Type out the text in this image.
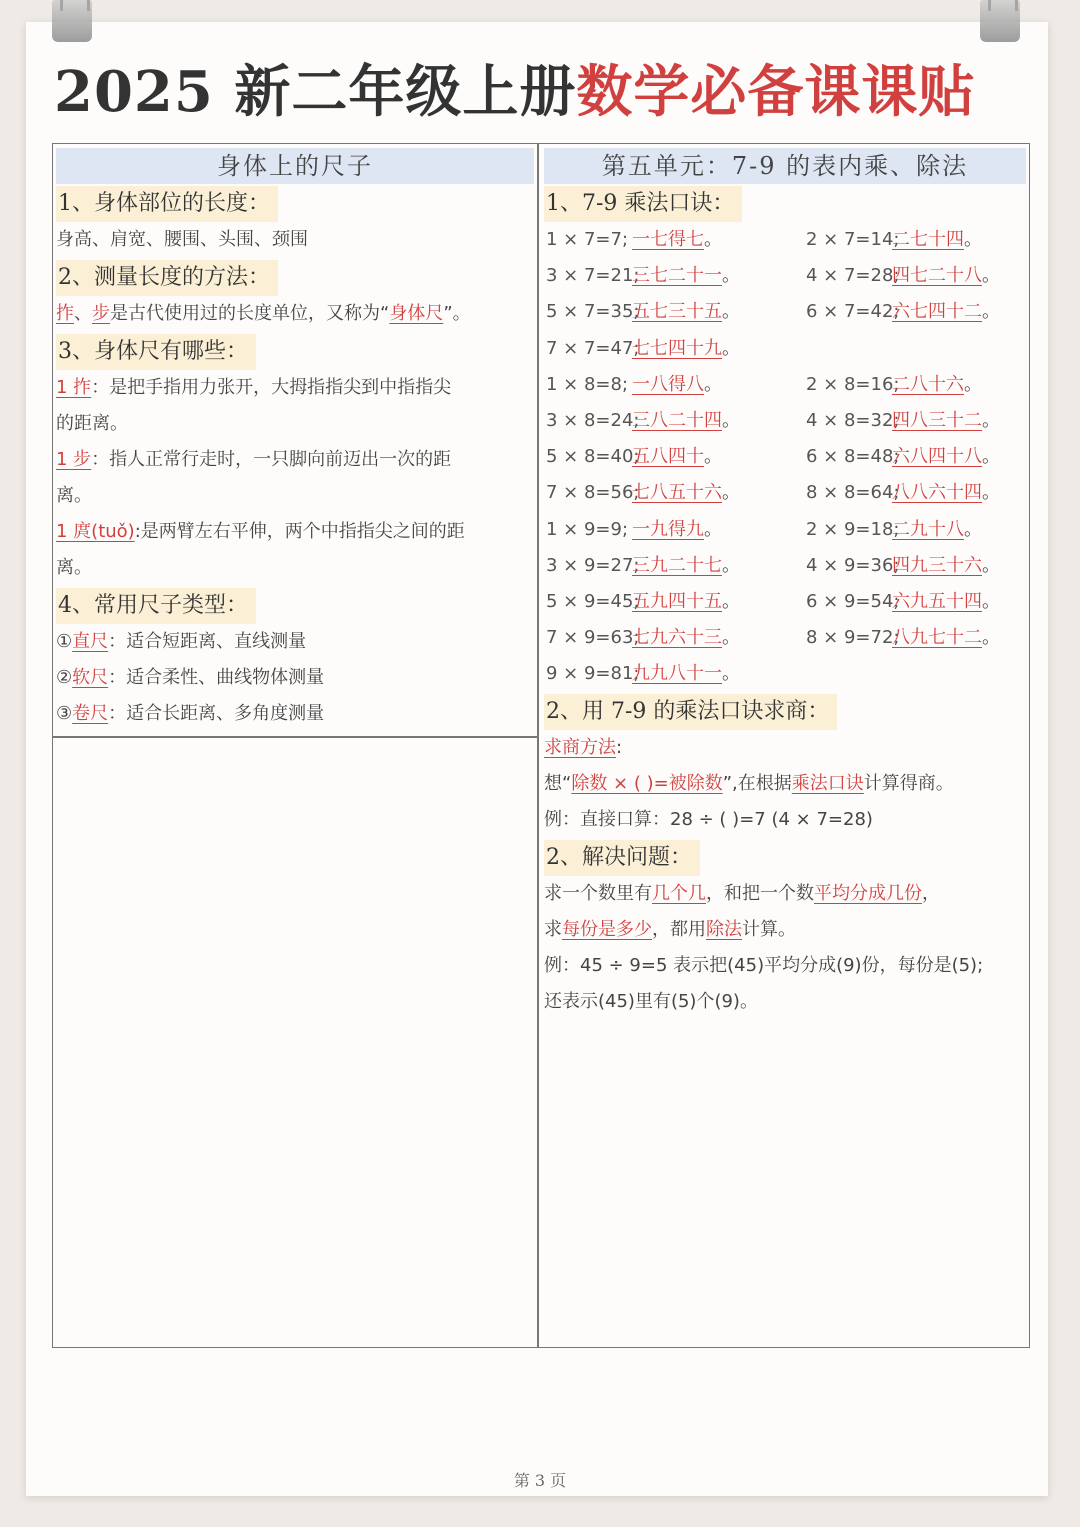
2025 新二年级上册数学必备课课贴
身体上的尺子
1、身体部位的长度：
身高、肩宽、腰围、头围、颈围
2、测量长度的方法：
拃、步是古代使用过的长度单位，又称为“身体尺”。
3、身体尺有哪些：
1 拃：是把手指用力张开，大拇指指尖到中指指尖
的距离。
1 步：指人正常行走时，一只脚向前迈出一次的距
离。
1 庹(tuǒ):是两臂左右平伸，两个中指指尖之间的距
离。
4、常用尺子类型：
①直尺：适合短距离、直线测量
②软尺：适合柔性、曲线物体测量
③卷尺：适合长距离、多角度测量
第五单元：7-9 的表内乘、除法
1、7-9 乘法口诀：
1 × 7=7; 一七得七。	2 × 7=14;二七十四。
3 × 7=21;三七二十一。	4 × 7=28;四七二十八。
5 × 7=35;五七三十五。	6 × 7=42;六七四十二。
7 × 7=47;七七四十九。
1 × 8=8; 一八得八。	2 × 8=16;二八十六。
3 × 8=24;三八二十四。	4 × 8=32;四八三十二。
5 × 8=40;五八四十。	6 × 8=48;六八四十八。
7 × 8=56;七八五十六。	8 × 8=64;八八六十四。
1 × 9=9; 一九得九。	2 × 9=18;二九十八。
3 × 9=27;三九二十七。	4 × 9=36;四九三十六。
5 × 9=45;五九四十五。	6 × 9=54;六九五十四。
7 × 9=63;七九六十三。	8 × 9=72;八九七十二。
9 × 9=81;九九八十一。
2、用 7-9 的乘法口诀求商：
求商方法:
想“除数 × ( )=被除数”,在根据乘法口诀计算得商。
例：直接口算：28 ÷ ( )=7 (4 × 7=28)
2、解决问题：
求一个数里有几个几，和把一个数平均分成几份，
求每份是多少，都用除法计算。
例：45 ÷ 9=5 表示把(45)平均分成(9)份，每份是(5);
还表示(45)里有(5)个(9)。
第 3 页
